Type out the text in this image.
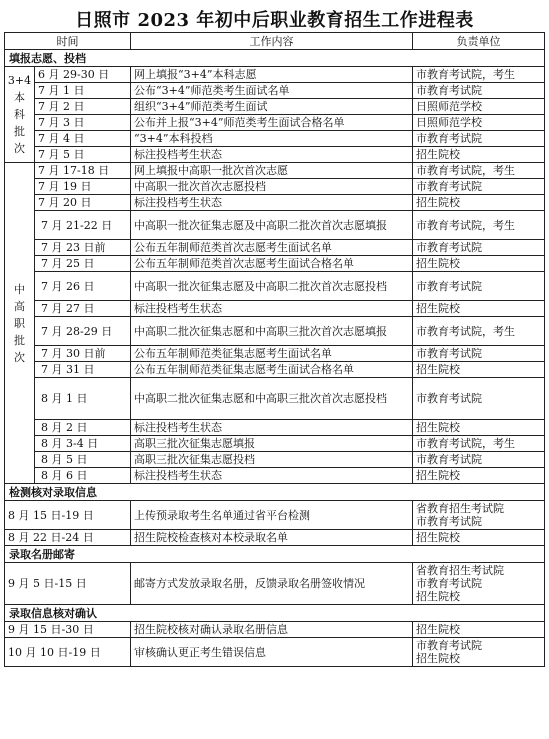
日照市 2023 年初中后职业教育招生工作进程表
时间		工作内容	负责单位
填报志愿、投档			

3+4
本科批次	6 月 29-30 日	网上填报“3+4”本科志愿	市教育考试院，考生
	7 月 1 日	公布“3+4”师范类考生面试名单	市教育考试院
	7 月 2 日	组织“3+4”师范类考生面试	日照师范学校
	7 月 3 日	公布并上报“3+4”师范类考生面试合格名单	日照师范学校
	7 月 4 日	“3+4”本科投档	市教育考试院
	7 月 5 日	标注投档考生状态	招生院校
中高职批次	7 月 17-18 日	网上填报中高职一批次首次志愿	市教育考试院，考生
	7 月 19 日	中高职一批次首次志愿投档	市教育考试院
	7 月 20 日	标注投档考生状态	招生院校
	7 月 21-22 日	中高职一批次征集志愿及中高职二批次首次志愿填报	市教育考试院，考生
	7 月 23 日前	公布五年制师范类首次志愿考生面试名单	市教育考试院
	7 月 25 日	公布五年制师范类首次志愿考生面试合格名单	招生院校
	7 月 26 日	中高职一批次征集志愿及中高职二批次首次志愿投档	市教育考试院
	7 月 27 日	标注投档考生状态	招生院校
	7 月 28-29 日	中高职二批次征集志愿和中高职三批次首次志愿填报	市教育考试院，考生
	7 月 30 日前	公布五年制师范类征集志愿考生面试名单	市教育考试院
	7 月 31 日	公布五年制师范类征集志愿考生面试合格名单	招生院校
	8 月 1 日	中高职二批次征集志愿和中高职三批次首次志愿投档	市教育考试院
	8 月 2 日	标注投档考生状态	招生院校
	8 月 3-4 日	高职三批次征集志愿填报	市教育考试院，考生
	8 月 5 日	高职三批次征集志愿投档	市教育考试院
	8 月 6 日	标注投档考生状态	招生院校
检测核对录取信息			
8 月 15 日-19 日		上传预录取考生名单通过省平台检测	省教育招生考试院
市教育考试院

8 月 22 日-24 日		招生院校检查核对本校录取名单	招生院校
录取名册邮寄			
9 月 5 日-15 日		邮寄方式发放录取名册，反馈录取名册签收情况	省教育招生考试院
市教育考试院
招生院校

录取信息核对确认			
9 月 15 日-30 日		招生院校核对确认录取名册信息	招生院校
10 月 10 日-19 日		审核确认更正考生错误信息	市教育考试院
招生院校
